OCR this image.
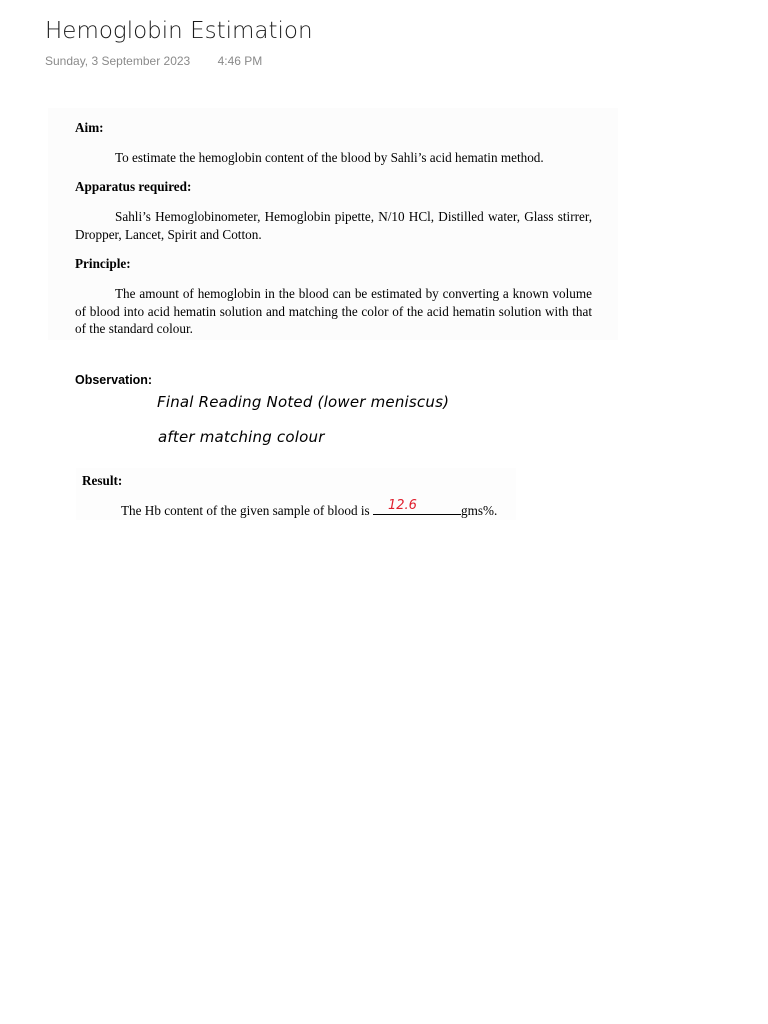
Hemoglobin Estimation
Sunday, 3 September 2023 4:46 PM
Aim:
To estimate the hemoglobin content of the blood by Sahli’s acid hematin method.
Apparatus required:
Sahli’s Hemoglobinometer, Hemoglobin pipette, N/10 HCl, Distilled water, Glass stirrer, Dropper, Lancet, Spirit and Cotton.
Principle:
The amount of hemoglobin in the blood can be estimated by converting a known volume of blood into acid hematin solution and matching the color of the acid hematin solution with that of the standard colour.
Observation:
Final Reading Noted (lower meniscus)
after matching colour
Result:
The Hb content of the given sample of blood is	gms%.
12.6
